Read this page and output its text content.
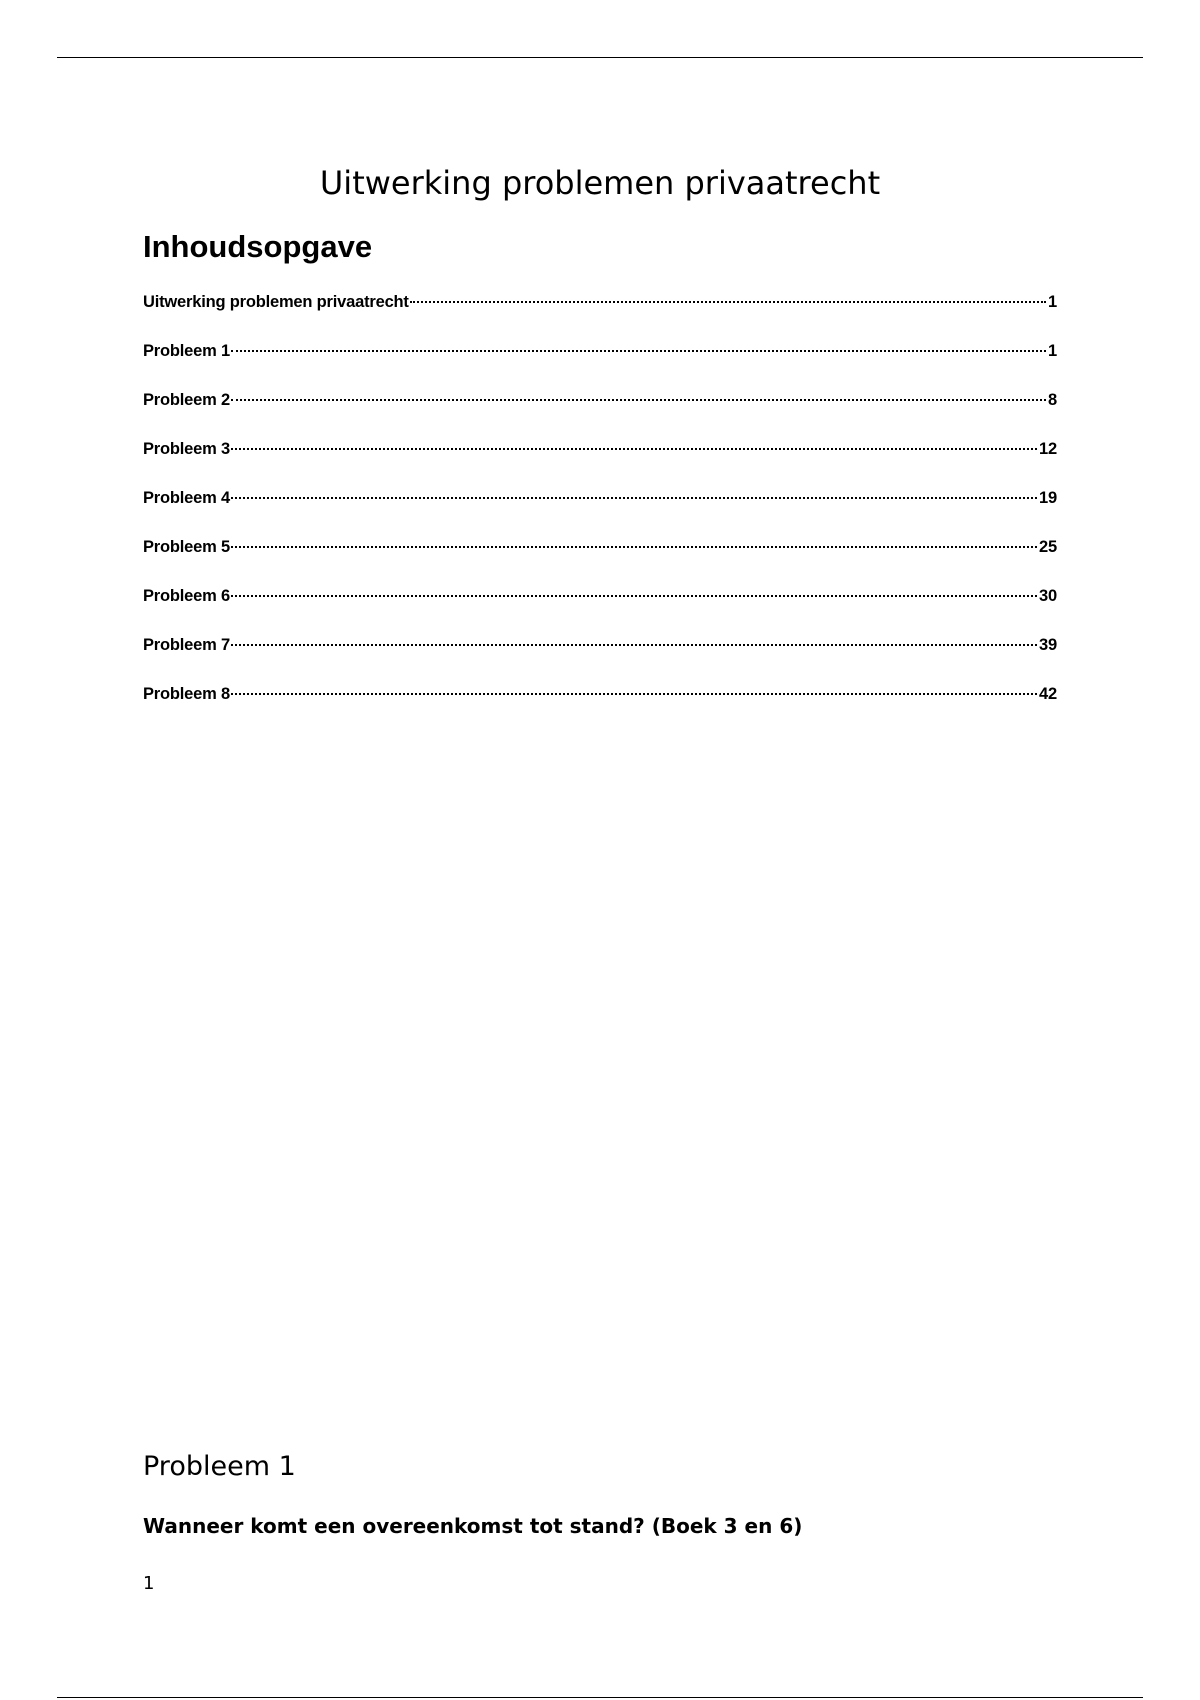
Uitwerking problemen privaatrecht
Inhoudsopgave
Uitwerking problemen privaatrecht	1
Probleem 1	1
Probleem 2	8
Probleem 3	12
Probleem 4	19
Probleem 5	25
Probleem 6	30
Probleem 7	39
Probleem 8	42
Probleem 1

Wanneer komt een overeenkomst tot stand? (Boek 3 en 6)

1
